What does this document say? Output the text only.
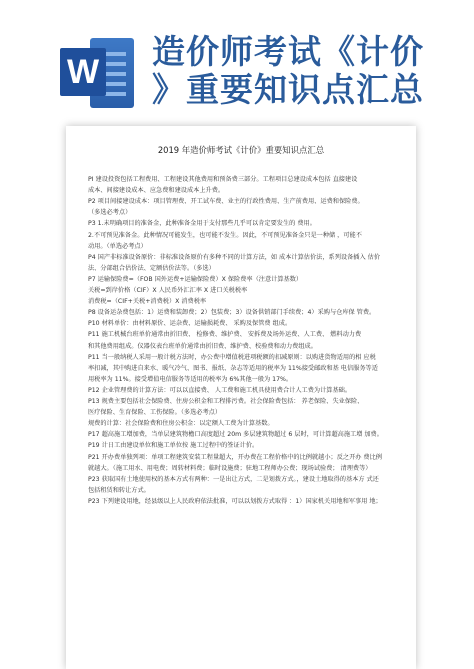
W
造价师考试《计价
》重要知识点汇总
2019 年造价师考试《计价》重要知识点汇总
PI 建设投资包括工程费用、工程建设其他费用和预备费三部分。工程项目总建设成本包括 直接建设
成本、间接建设成本、应急费和建设成本上升费。
P2 项目间接建设成本：项目管理费、开工试车费、业主的行政性费用、生产前费用、运费和保险费。
（多选必考点）
P3 1.未明确项目的准备金，此种准备金用于支付那些几乎可以肯定要发生的 费用。
2.不可预见准备金。此种情况可能发生，也可能不发生。因此，不可预见准备金只是一种储 ，可能不
动用。（单选必考点）
P4 国产非标准设备原价：非标准设备原价有多种不同的计算方法，如 成本计算估价法，系列设备插入 估价
法、分部组合估价法、定额估价法等。（多选）
P7 运输保险费=（FOB 国外运费+运输保险费）X 保险费率（注意计算基数）
关税=到岸价格（CIF）X 人民币外汇汇率 X 进口关税税率
消费税=（CIF+关税+消费税）X 消费税率
P8 设备运杂费包括：1）运费和装卸费；2）包装费；3）设备供销部门手续费；4）采购与仓库保 管费。
P10 材料单价：由材料原价、运杂费、运输损耗费、 采购及保管费 组成。
P11 施工机械台班单价通常由折旧费、 检修费、维护费、 安拆费及场外运费、人工费、 燃料动力费
和其他费用组成。仪器仪表台班单价通常由折旧费、维护费、校验费和动力费组成。
P11 当一般纳税人采用一般计税方法时，办公费中增值税进项税额的扣减原则：以购进货物适用的相 应税
率扣减，其中购进自来水、暖气冷气、图书、报纸、杂志等适用的税率为 11%接受邮政和基 电信服务等适
用税率为 11%。接受增值电信服务等适用的税率为 6%其他一般为 17%。
P12 企业管理费的计算方法：可以以直接费、 人工费和施工机具使用费合计人工费为计算基础。
P13 规费主要包括社会保险费、住房公积金和工程排污费。社会保险费包括： 养老保险、失业保险、
医疗保险、生育保险、工伤保险。（多选必考点）
规费的计算：社会保险费和住房公积金：以定额人工费为计算基数。
P17 超高施工增加费，当单层建筑物檐口高度超过 20m 多层建筑物超过 6 层时，可计算超高施工增 加费。
P19 计日工由建设单位和施工单位按 施工过程中的签证计价。
P21 开办费单独列项：单项工程建筑安装工程量超大，开办费在工程价格中的比例就越小；反之开办 费比例
就越大。（施工用水、用电费；周转材料费；临时设施费；驻地工程师办公费；现场试验费； 清理费等）
P23 获取国有土地使用权的基本方式有两种：一是出让方式，二是划拨方式。，建设土地取得的基本方 式还
包括租赁和转让方式。
P23 下列建设用地，经县级以上人民政府依法批准，可以以划拨方式取得 ：1）国家机关用地和军事用 地；
